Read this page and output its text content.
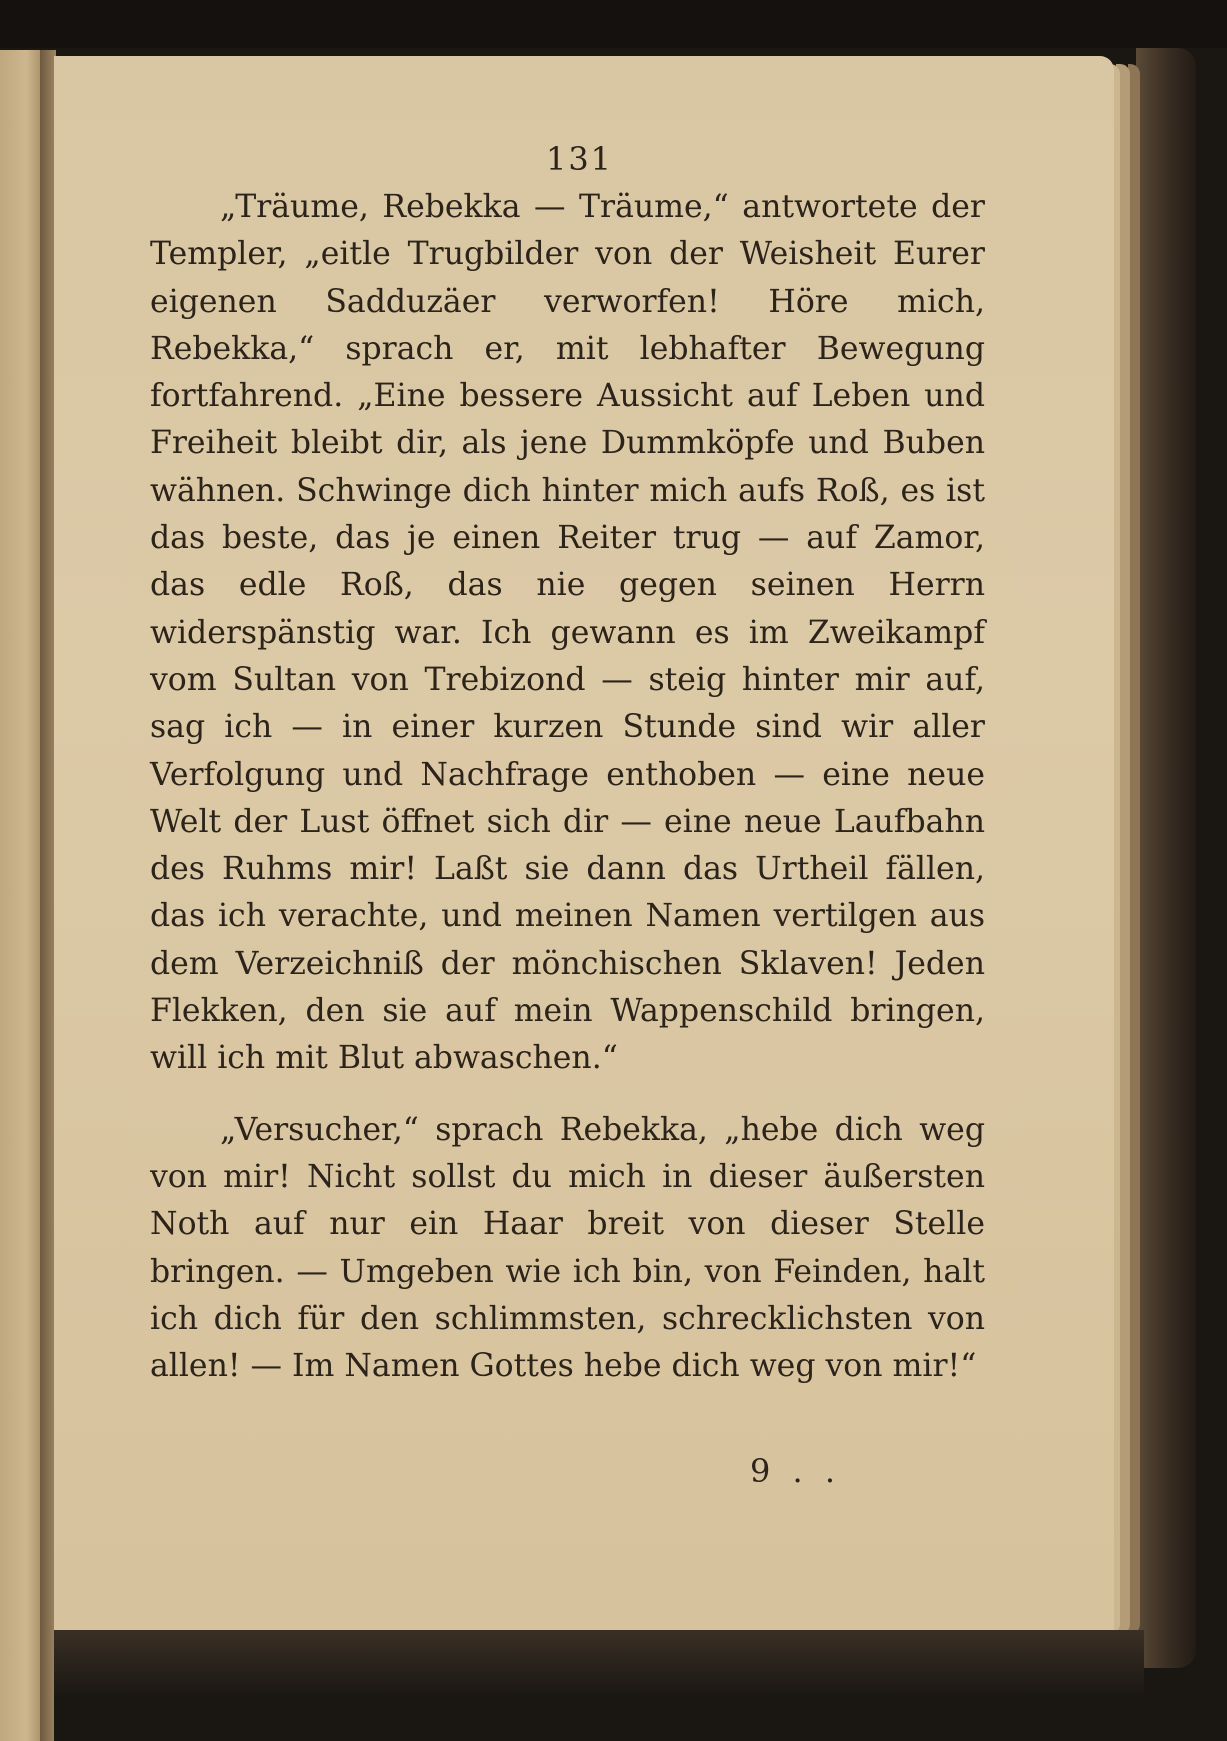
131

„Träume, Rebekka — Träume,“ antwortete der Templer, „eitle Trugbilder von der Weisheit Eurer eigenen Sadduzäer verworfen! Höre mich, Rebekka,“ sprach er, mit lebhafter Bewegung fortfahrend. „Eine bessere Aussicht auf Leben und Freiheit bleibt dir, als jene Dummköpfe und Buben wähnen. Schwinge dich hinter mich aufs Roß, es ist das beste, das je einen Reiter trug — auf Zamor, das edle Roß, das nie gegen seinen Herrn widerspänstig war. Ich gewann es im Zweikampf vom Sultan von Trebizond — steig hinter mir auf, sag ich — in einer kurzen Stunde sind wir aller Verfolgung und Nachfrage enthoben — eine neue Welt der Lust öffnet sich dir — eine neue Laufbahn des Ruhms mir! Laßt sie dann das Urtheil fällen, das ich verachte, und meinen Namen vertilgen aus dem Verzeichniß der mönchischen Sklaven! Jeden Flekken, den sie auf mein Wappenschild bringen, will ich mit Blut abwaschen.“

„Versucher,“ sprach Rebekka, „hebe dich weg von mir! Nicht sollst du mich in dieser äußersten Noth auf nur ein Haar breit von dieser Stelle bringen. — Umgeben wie ich bin, von Feinden, halt ich dich für den schlimmsten, schrecklichsten von allen! — Im Namen Gottes hebe dich weg von mir!“

9 . .
